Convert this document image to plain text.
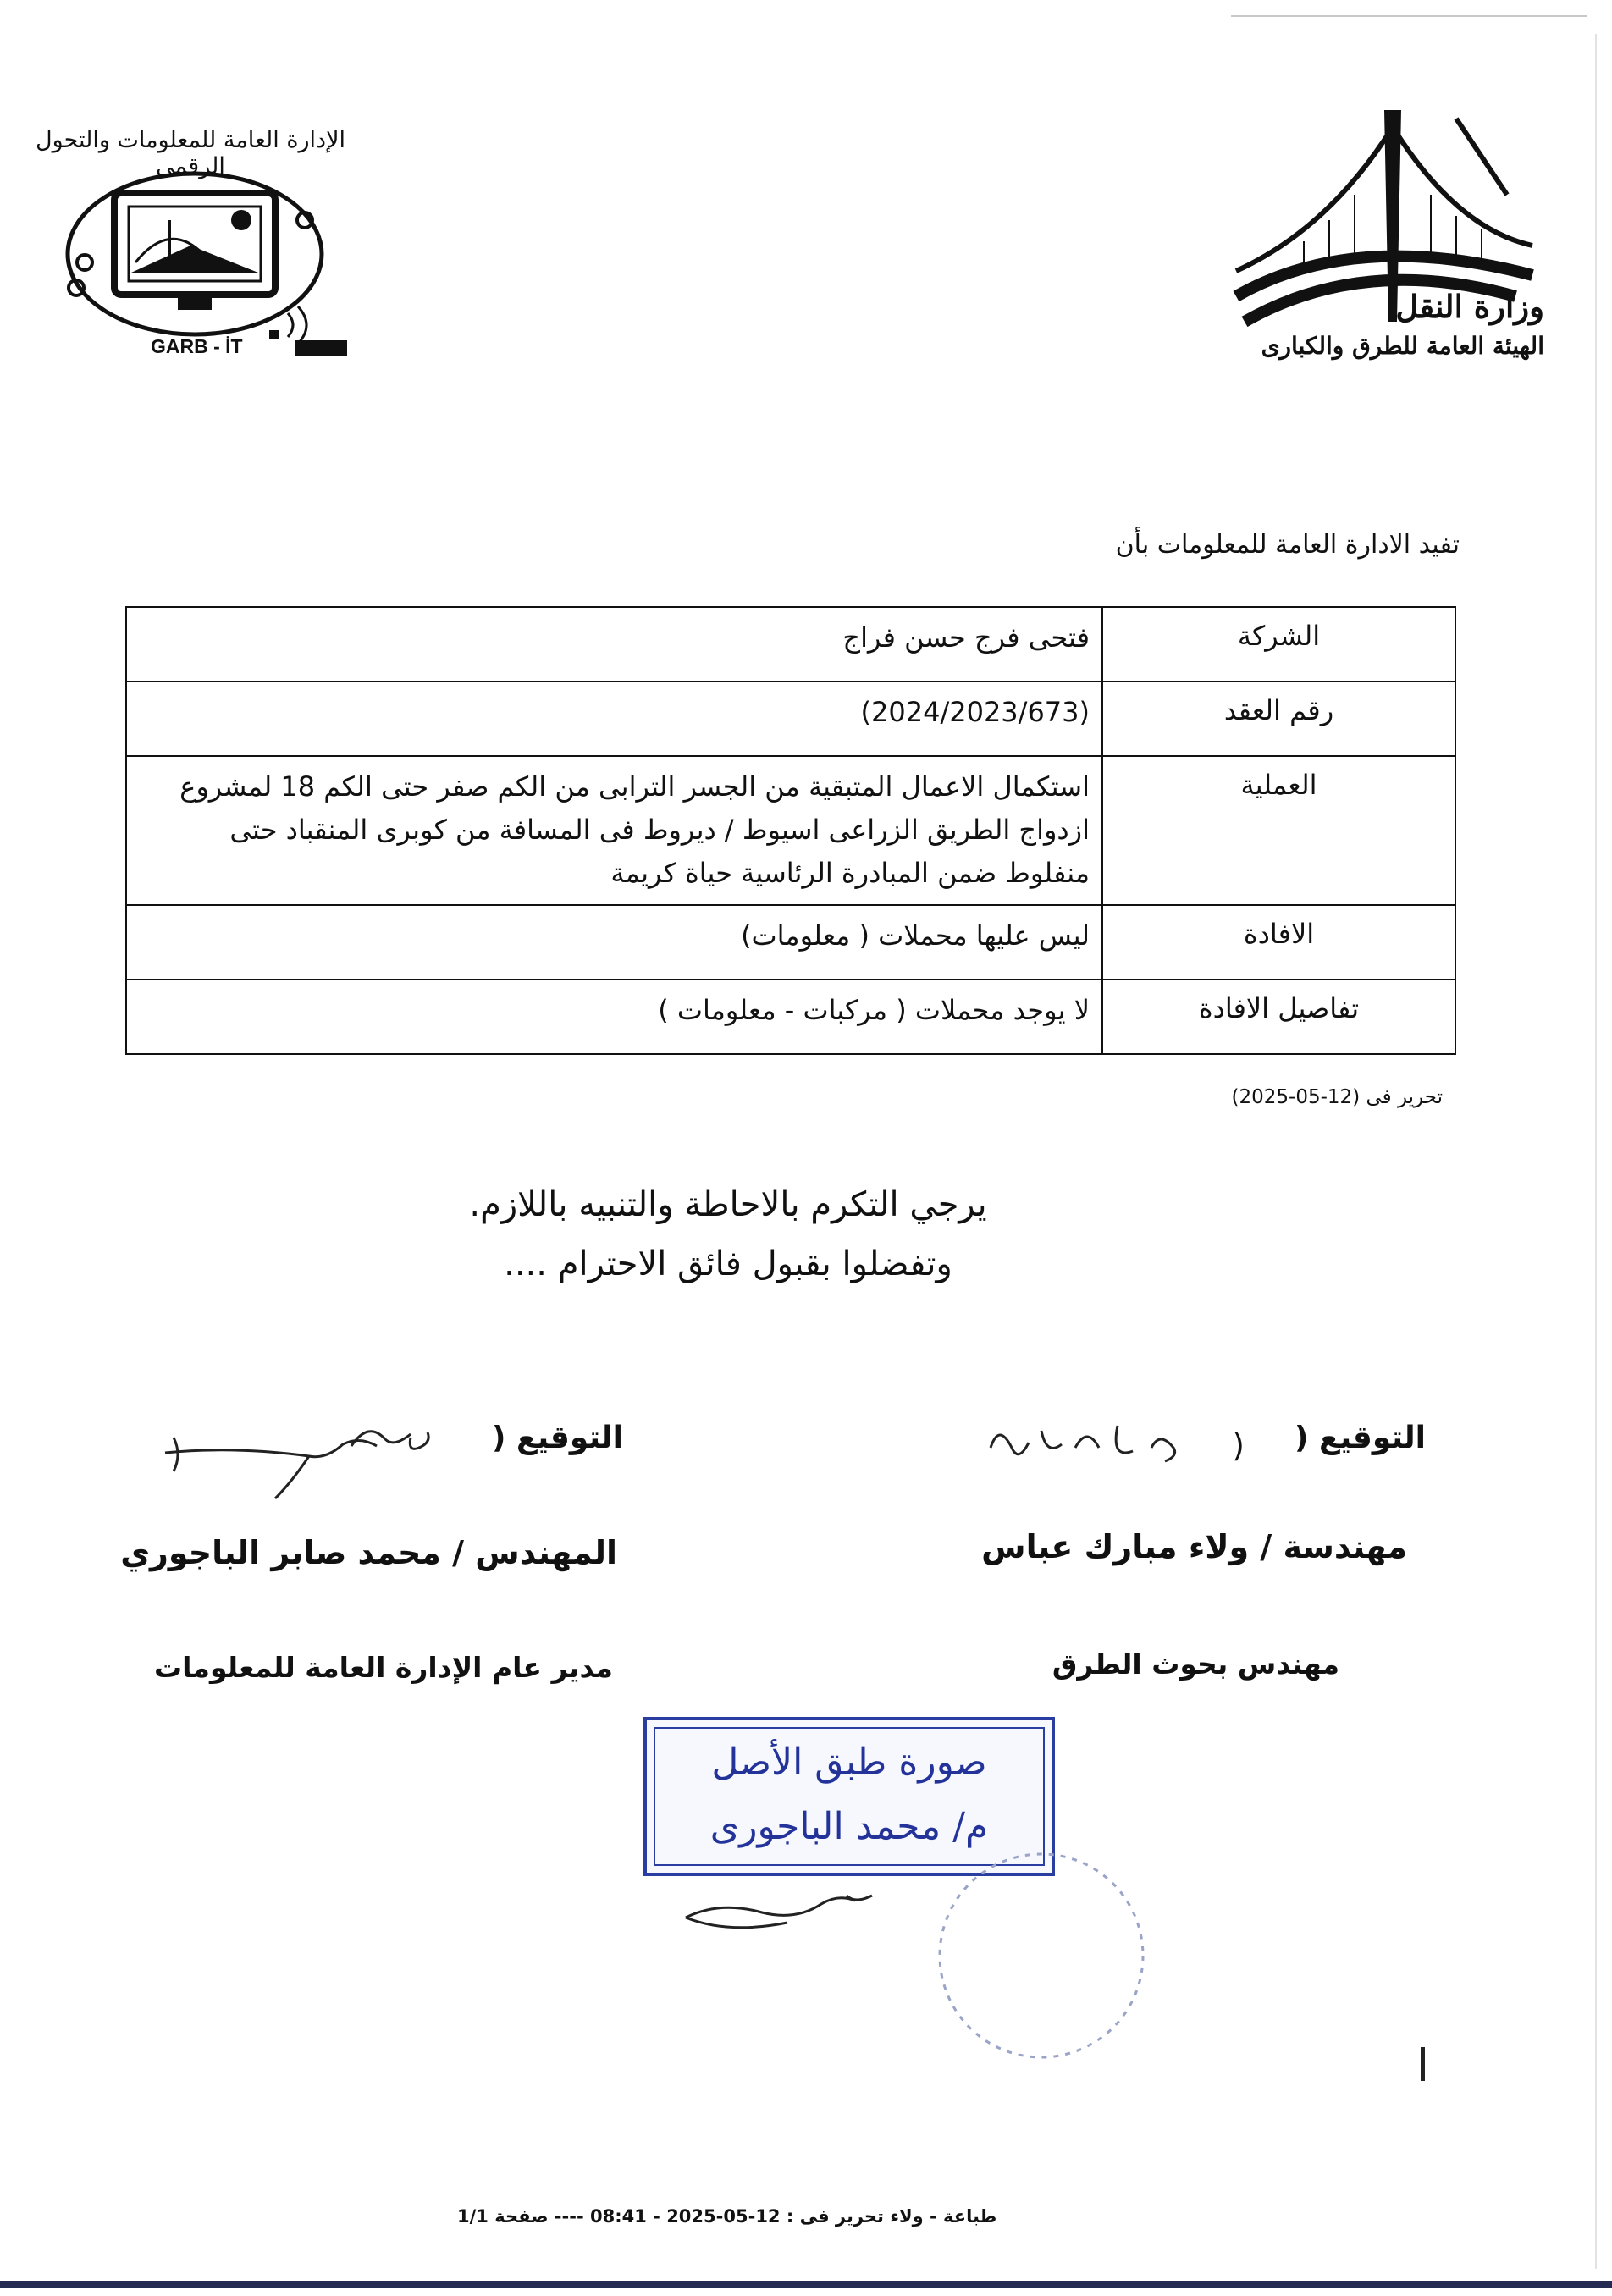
الإدارة العامة للمعلومات والتحول الرقمى
GARB - İT
وزارة النقل
الهيئة العامة للطرق والكبارى
تفيد الادارة العامة للمعلومات بأن
الشركة	فتحى فرج حسن فراج
رقم العقد	(2024/2023/673)
العملية	استكمال الاعمال المتبقية من الجسر الترابى من الكم صفر حتى الكم 18 لمشروع ازدواج الطريق الزراعى اسيوط / ديروط فى المسافة من كوبرى المنقباد حتى منفلوط ضمن المبادرة الرئاسية حياة كريمة
الافادة	ليس عليها محملات ( معلومات)
تفاصيل الافادة	لا يوجد محملات ( مركبات - معلومات )
تحرير فى (12-05-2025)
يرجي التكرم بالاحاطة والتنبيه باللازم.
وتفضلوا بقبول فائق الاحترام ....
التوقيع (
)
مهندسة / ولاء مبارك عباس
مهندس بحوث الطرق
التوقيع (
المهندس / محمد صابر الباجوري
مدير عام الإدارة العامة للمعلومات
صورة طبق الأصل
م/ محمد الباجورى
طباعة - ولاء تحرير فى : 12-05-2025 - 08:41 ---- صفحة 1/1
